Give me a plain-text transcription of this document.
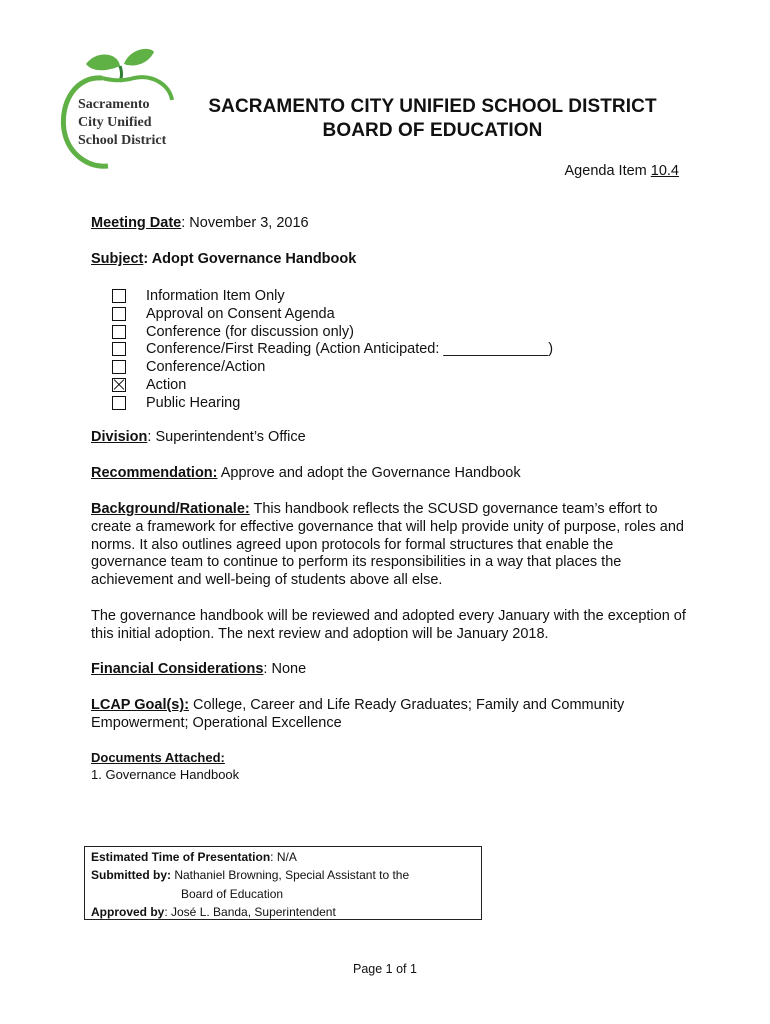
Sacramento
City Unified
School District
SACRAMENTO CITY UNIFIED SCHOOL DISTRICT
BOARD OF EDUCATION
Agenda Item 10.4
Meeting Date: November 3, 2016
Subject: Adopt Governance Handbook
Information Item Only
Approval on Consent Agenda
Conference (for discussion only)
Conference/First Reading (Action Anticipated: _____________)
Conference/Action
Action
Public Hearing
Division: Superintendent’s Office
Recommendation: Approve and adopt the Governance Handbook
Background/Rationale: This handbook reflects the SCUSD governance team’s effort to create a framework for effective governance that will help provide unity of purpose, roles and norms. It also outlines agreed upon protocols for formal structures that enable the governance team to continue to perform its responsibilities in a way that places the achievement and well-being of students above all else.
The governance handbook will be reviewed and adopted every January with the exception of this initial adoption. The next review and adoption will be January 2018.
Financial Considerations: None
LCAP Goal(s): College, Career and Life Ready Graduates; Family and Community Empowerment; Operational Excellence
Documents Attached:
1. Governance Handbook
Estimated Time of Presentation: N/A
Submitted by: Nathaniel Browning, Special Assistant to the
Board of Education
Approved by: José L. Banda, Superintendent
Page 1 of 1
